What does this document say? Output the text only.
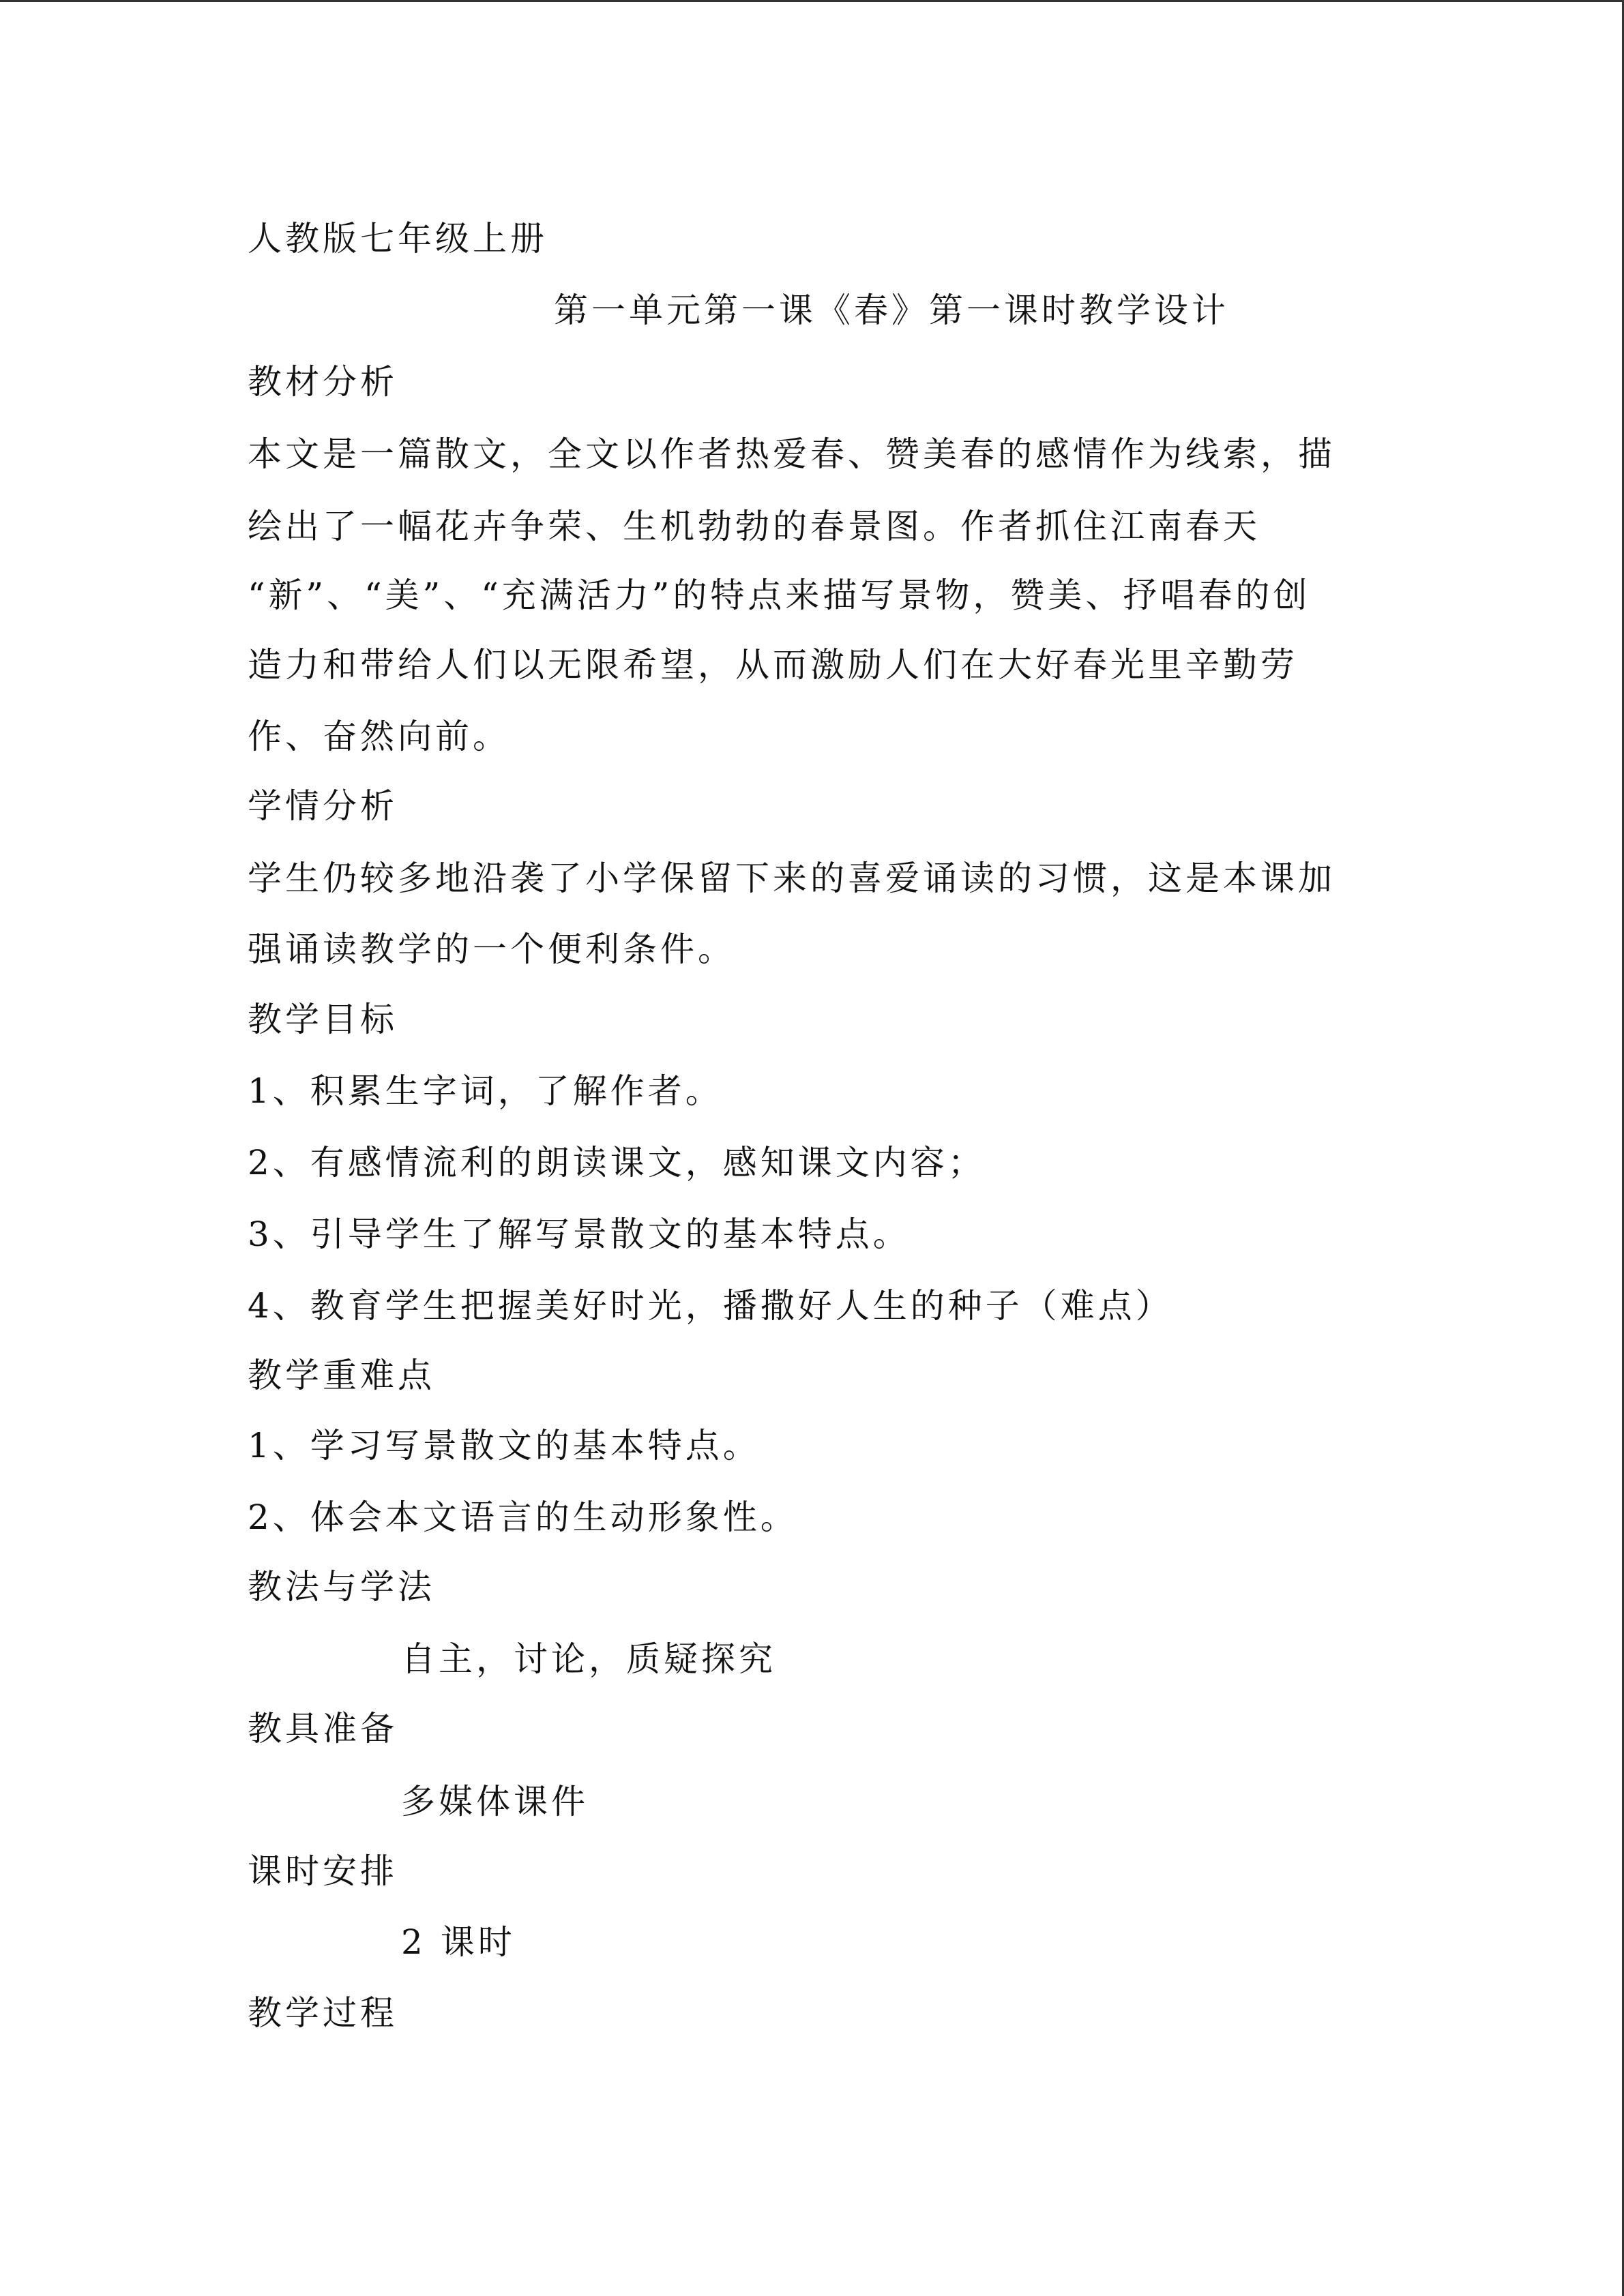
人教版七年级上册
第一单元第一课《春》第一课时教学设计
教材分析
本文是一篇散文，全文以作者热爱春、赞美春的感情作为线索，描
绘出了一幅花卉争荣、生机勃勃的春景图。作者抓住江南春天
“新”、“美”、“充满活力”的特点来描写景物，赞美、抒唱春的创
造力和带给人们以无限希望，从而激励人们在大好春光里辛勤劳
作、奋然向前。
学情分析
学生仍较多地沿袭了小学保留下来的喜爱诵读的习惯，这是本课加
强诵读教学的一个便利条件。
教学目标
1、积累生字词，了解作者。
2、有感情流利的朗读课文，感知课文内容；
3、引导学生了解写景散文的基本特点。
4、教育学生把握美好时光，播撒好人生的种子（难点）
教学重难点
1、学习写景散文的基本特点。
2、体会本文语言的生动形象性。
教法与学法
自主，讨论，质疑探究
教具准备
多媒体课件
课时安排
2 课时
教学过程
